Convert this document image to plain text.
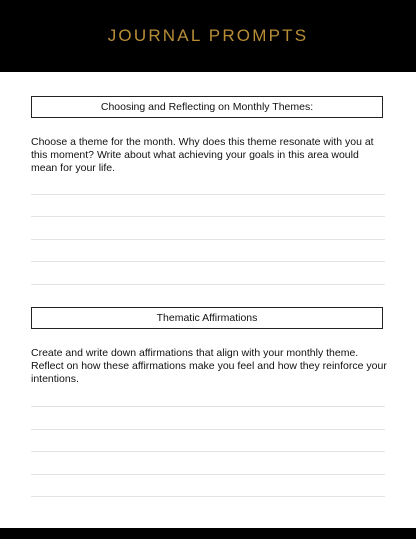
JOURNAL PROMPTS
Choosing and Reflecting on Monthly Themes:
Choose a theme for the month. Why does this theme resonate with you at this moment? Write about what achieving your goals in this area would mean for your life.
Thematic Affirmations
Create and write down affirmations that align with your monthly theme. Reflect on how these affirmations make you feel and how they reinforce your intentions.
